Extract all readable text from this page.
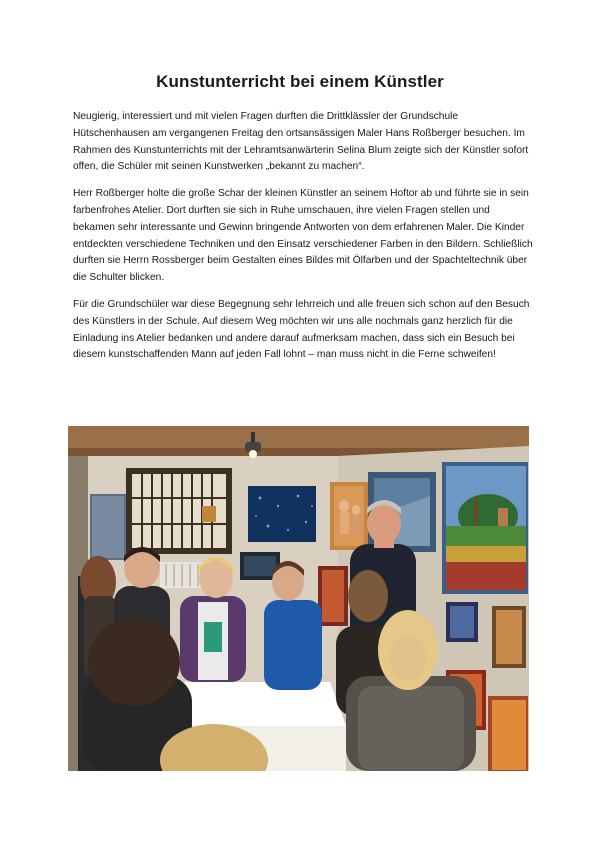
Kunstunterricht bei einem Künstler

Neugierig, interessiert und mit vielen Fragen durften die Drittklässler der Grundschule Hütschenhausen am vergangenen Freitag den ortsansässigen Maler Hans Roßberger besuchen. Im Rahmen des Kunstunterrichts mit der Lehramtsanwärterin Selina Blum zeigte sich der Künstler sofort offen, die Schüler mit seinen Kunstwerken „bekannt zu machen“.

Herr Roßberger holte die große Schar der kleinen Künstler an seinem Hoftor ab und führte sie in sein farbenfrohes Atelier. Dort durften sie sich in Ruhe umschauen, ihre vielen Fragen stellen und bekamen sehr interessante und Gewinn bringende Antworten von dem erfahrenen Maler. Die Kinder entdeckten verschiedene Techniken und den Einsatz verschiedener Farben in den Bildern. Schließlich durften sie Herrn Rossberger beim Gestalten eines Bildes mit Ölfarben und der Spachteltechnik über die Schulter blicken.

Für die Grundschüler war diese Begegnung sehr lehrreich und alle freuen sich schon auf den Besuch des Künstlers in der Schule. Auf diesem Weg möchten wir uns alle nochmals ganz herzlich für die Einladung ins Atelier bedanken und andere darauf aufmerksam machen, dass sich ein Besuch bei diesem kunstschaffenden Mann auf jeden Fall lohnt – man muss nicht in die Ferne schweifen!
